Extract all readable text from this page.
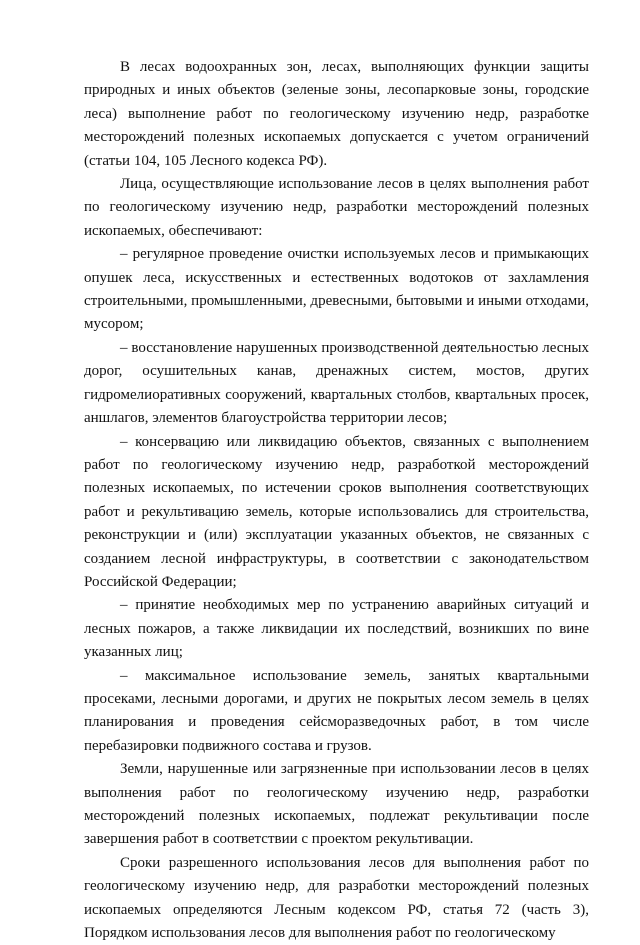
В лесах водоохранных зон, лесах, выполняющих функции защиты природных и иных объектов (зеленые зоны, лесопарковые зоны, городские леса) выполнение работ по геологическому изучению недр, разработке месторождений полезных ископаемых допускается с учетом ограничений (статьи 104, 105 Лесного кодекса РФ).

Лица, осуществляющие использование лесов в целях выполнения работ по геологическому изучению недр, разработки месторождений полезных ископаемых, обеспечивают:

– регулярное проведение очистки используемых лесов и примыкающих опушек леса, искусственных и естественных водотоков от захламления строительными, промышленными, древесными, бытовыми и иными отходами, мусором;

– восстановление нарушенных производственной деятельностью лесных дорог, осушительных канав, дренажных систем, мостов, других гидромелиоративных сооружений, квартальных столбов, квартальных просек, аншлагов, элементов благоустройства территории лесов;

– консервацию или ликвидацию объектов, связанных с выполнением работ по геологическому изучению недр, разработкой месторождений полезных ископаемых, по истечении сроков выполнения соответствующих работ и рекультивацию земель, которые использовались для строительства, реконструкции и (или) эксплуатации указанных объектов, не связанных с созданием лесной инфраструктуры, в соответствии с законодательством Российской Федерации;

– принятие необходимых мер по устранению аварийных ситуаций и лесных пожаров, а также ликвидации их последствий, возникших по вине указанных лиц;

– максимальное использование земель, занятых квартальными просеками, лесными дорогами, и других не покрытых лесом земель в целях планирования и проведения сейсморазведочных работ, в том числе перебазировки подвижного состава и грузов.

Земли, нарушенные или загрязненные при использовании лесов в целях выполнения работ по геологическому изучению недр, разработки месторождений полезных ископаемых, подлежат рекультивации после завершения работ в соответствии с проектом рекультивации.

Сроки разрешенного использования лесов для выполнения работ по геологическому изучению недр, для разработки месторождений полезных ископаемых определяются Лесным кодексом РФ, статья 72 (часть 3), Порядком использования лесов для выполнения работ по геологическому
